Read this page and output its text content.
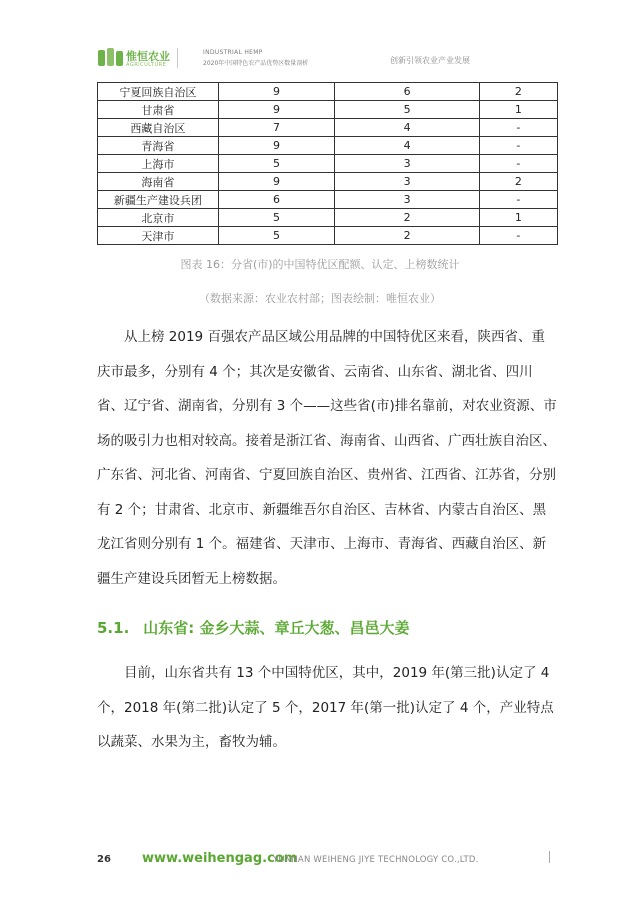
惟恒农业
AGRICULTURE
INDUSTRIAL HEMP
2020年中国特色农产品优势区数量剖析	创新引领农业产业发展
宁夏回族自治区	9	6	2
甘肃省	9	5	1
西藏自治区	7	4	-
青海省	9	4	-
上海市	5	3	-
海南省	9	3	2
新疆生产建设兵团	6	3	-
北京市	5	2	1
天津市	5	2	-
图表 16：分省(市)的中国特优区配额、认定、上榜数统计
（数据来源：农业农村部；图表绘制：唯恒农业）

从上榜 2019 百强农产品区域公用品牌的中国特优区来看，陕西省、重庆市最多，分别有 4 个；其次是安徽省、云南省、山东省、湖北省、四川省、辽宁省、湖南省，分别有 3 个——这些省(市)排名靠前，对农业资源、市场的吸引力也相对较高。接着是浙江省、海南省、山西省、广西壮族自治区、广东省、河北省、河南省、宁夏回族自治区、贵州省、江西省、江苏省，分别有 2 个；甘肃省、北京市、新疆维吾尔自治区、吉林省、内蒙古自治区、黑龙江省则分别有 1 个。福建省、天津市、上海市、青海省、西藏自治区、新疆生产建设兵团暂无上榜数据。

5.1. 山东省: 金乡大蒜、章丘大葱、昌邑大姜

目前，山东省共有 13 个中国特优区，其中，2019 年(第三批)认定了 4 个，2018 年(第二批)认定了 5 个，2017 年(第一批)认定了 4 个，产业特点以蔬菜、水果为主，畜牧为辅。

26 www.weihengag.com
YUNNAN WEIHENG JIYE TECHNOLOGY CO.,LTD.
